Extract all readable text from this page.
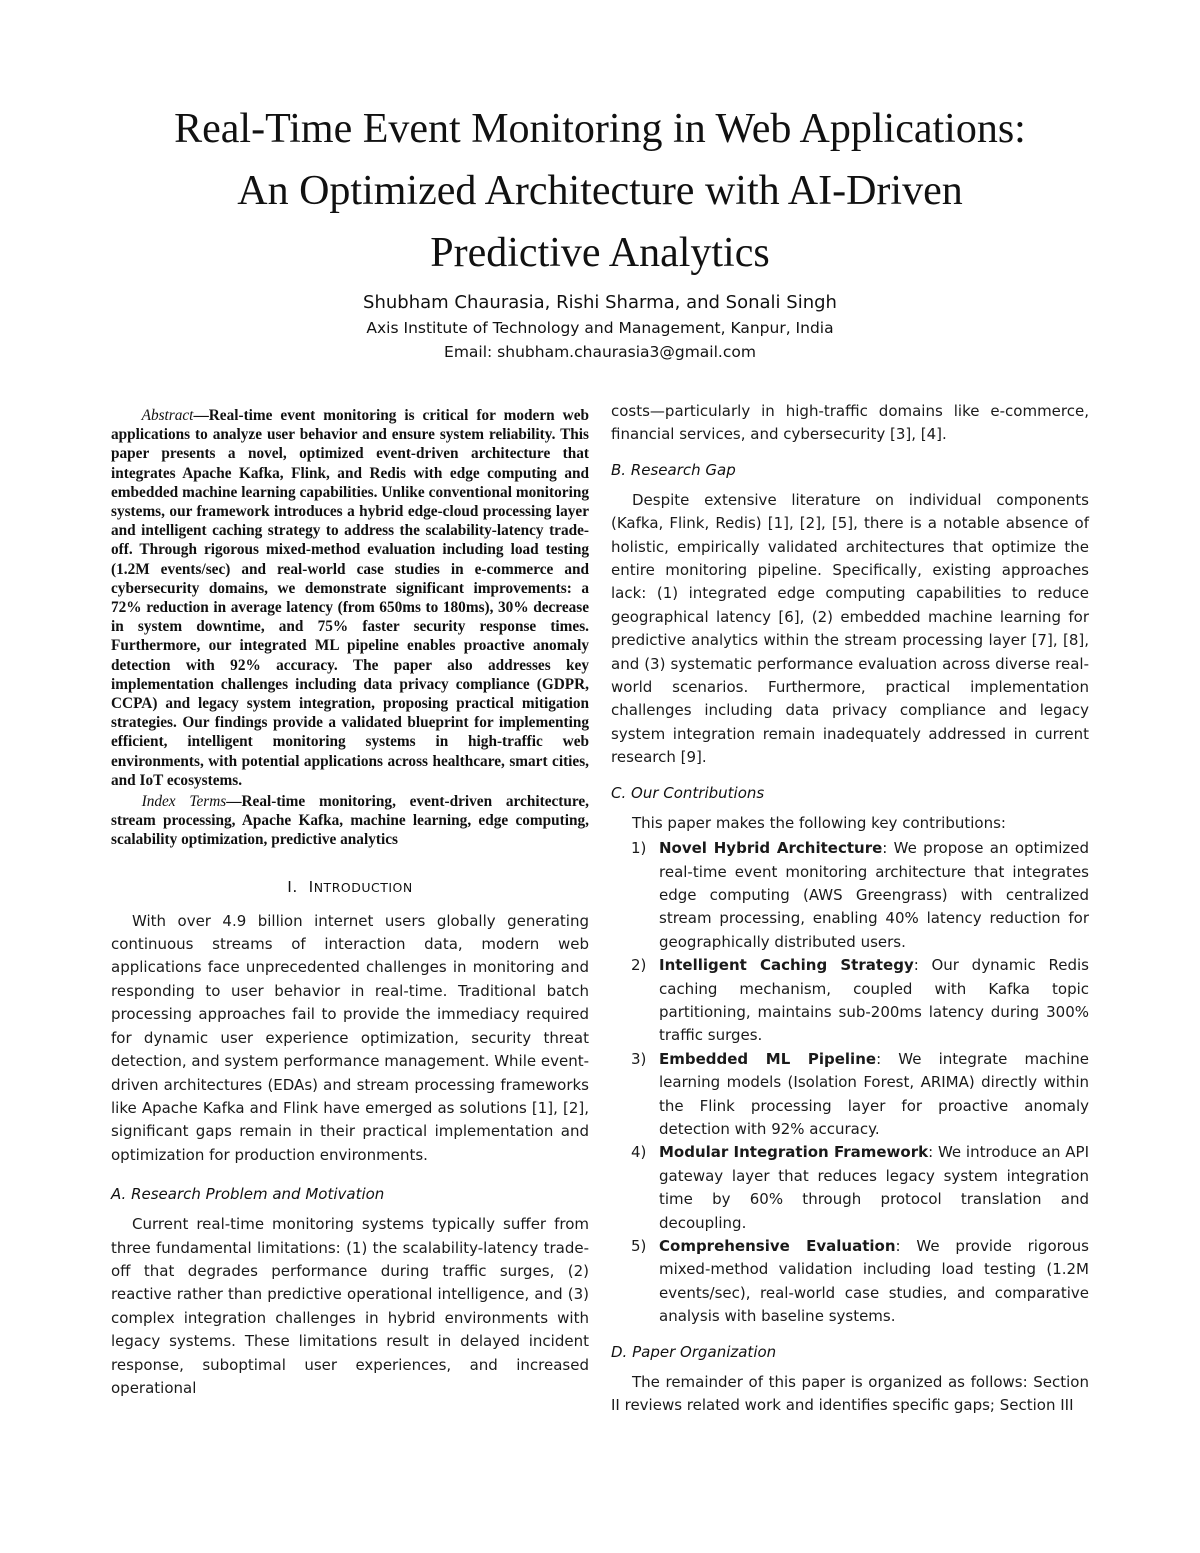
Real-Time Event Monitoring in Web Applications:
An Optimized Architecture with AI-Driven
Predictive Analytics
Shubham Chaurasia, Rishi Sharma, and Sonali Singh
Axis Institute of Technology and Management, Kanpur, India
Email: shubham.chaurasia3@gmail.com

Abstract—Real-time event monitoring is critical for modern web applications to analyze user behavior and ensure system reliability. This paper presents a novel, optimized event-driven architecture that integrates Apache Kafka, Flink, and Redis with edge computing and embedded machine learning capabilities. Unlike conventional monitoring systems, our framework introduces a hybrid edge-cloud processing layer and intelligent caching strategy to address the scalability-latency trade-off. Through rigorous mixed-method evaluation including load testing (1.2M events/sec) and real-world case studies in e-commerce and cybersecurity domains, we demonstrate significant improvements: a 72% reduction in average latency (from 650ms to 180ms), 30% decrease in system downtime, and 75% faster security response times. Furthermore, our integrated ML pipeline enables proactive anomaly detection with 92% accuracy. The paper also addresses key implementation challenges including data privacy compliance (GDPR, CCPA) and legacy system integration, proposing practical mitigation strategies. Our findings provide a validated blueprint for implementing efficient, intelligent monitoring systems in high-traffic web environments, with potential applications across healthcare, smart cities, and IoT ecosystems.

Index Terms—Real-time monitoring, event-driven architecture, stream processing, Apache Kafka, machine learning, edge computing, scalability optimization, predictive analytics

I. INTRODUCTION

With over 4.9 billion internet users globally generating continuous streams of interaction data, modern web applications face unprecedented challenges in monitoring and responding to user behavior in real-time. Traditional batch processing approaches fail to provide the immediacy required for dynamic user experience optimization, security threat detection, and system performance management. While event-driven architectures (EDAs) and stream processing frameworks like Apache Kafka and Flink have emerged as solutions [1], [2], significant gaps remain in their practical implementation and optimization for production environments.

A. Research Problem and Motivation

Current real-time monitoring systems typically suffer from three fundamental limitations: (1) the scalability-latency trade-off that degrades performance during traffic surges, (2) reactive rather than predictive operational intelligence, and (3) complex integration challenges in hybrid environments with legacy systems. These limitations result in delayed incident response, suboptimal user experiences, and increased operational

costs—particularly in high-traffic domains like e-commerce, financial services, and cybersecurity [3], [4].

B. Research Gap

Despite extensive literature on individual components (Kafka, Flink, Redis) [1], [2], [5], there is a notable absence of holistic, empirically validated architectures that optimize the entire monitoring pipeline. Specifically, existing approaches lack: (1) integrated edge computing capabilities to reduce geographical latency [6], (2) embedded machine learning for predictive analytics within the stream processing layer [7], [8], and (3) systematic performance evaluation across diverse real-world scenarios. Furthermore, practical implementation challenges including data privacy compliance and legacy system integration remain inadequately addressed in current research [9].

C. Our Contributions

This paper makes the following key contributions:

1) Novel Hybrid Architecture: We propose an optimized real-time event monitoring architecture that integrates edge computing (AWS Greengrass) with centralized stream processing, enabling 40% latency reduction for geographically distributed users.
2) Intelligent Caching Strategy: Our dynamic Redis caching mechanism, coupled with Kafka topic partitioning, maintains sub-200ms latency during 300% traffic surges.
3) Embedded ML Pipeline: We integrate machine learning models (Isolation Forest, ARIMA) directly within the Flink processing layer for proactive anomaly detection with 92% accuracy.
4) Modular Integration Framework: We introduce an API gateway layer that reduces legacy system integration time by 60% through protocol translation and decoupling.
5) Comprehensive Evaluation: We provide rigorous mixed-method validation including load testing (1.2M events/sec), real-world case studies, and comparative analysis with baseline systems.
D. Paper Organization

The remainder of this paper is organized as follows: Section II reviews related work and identifies specific gaps; Section III
